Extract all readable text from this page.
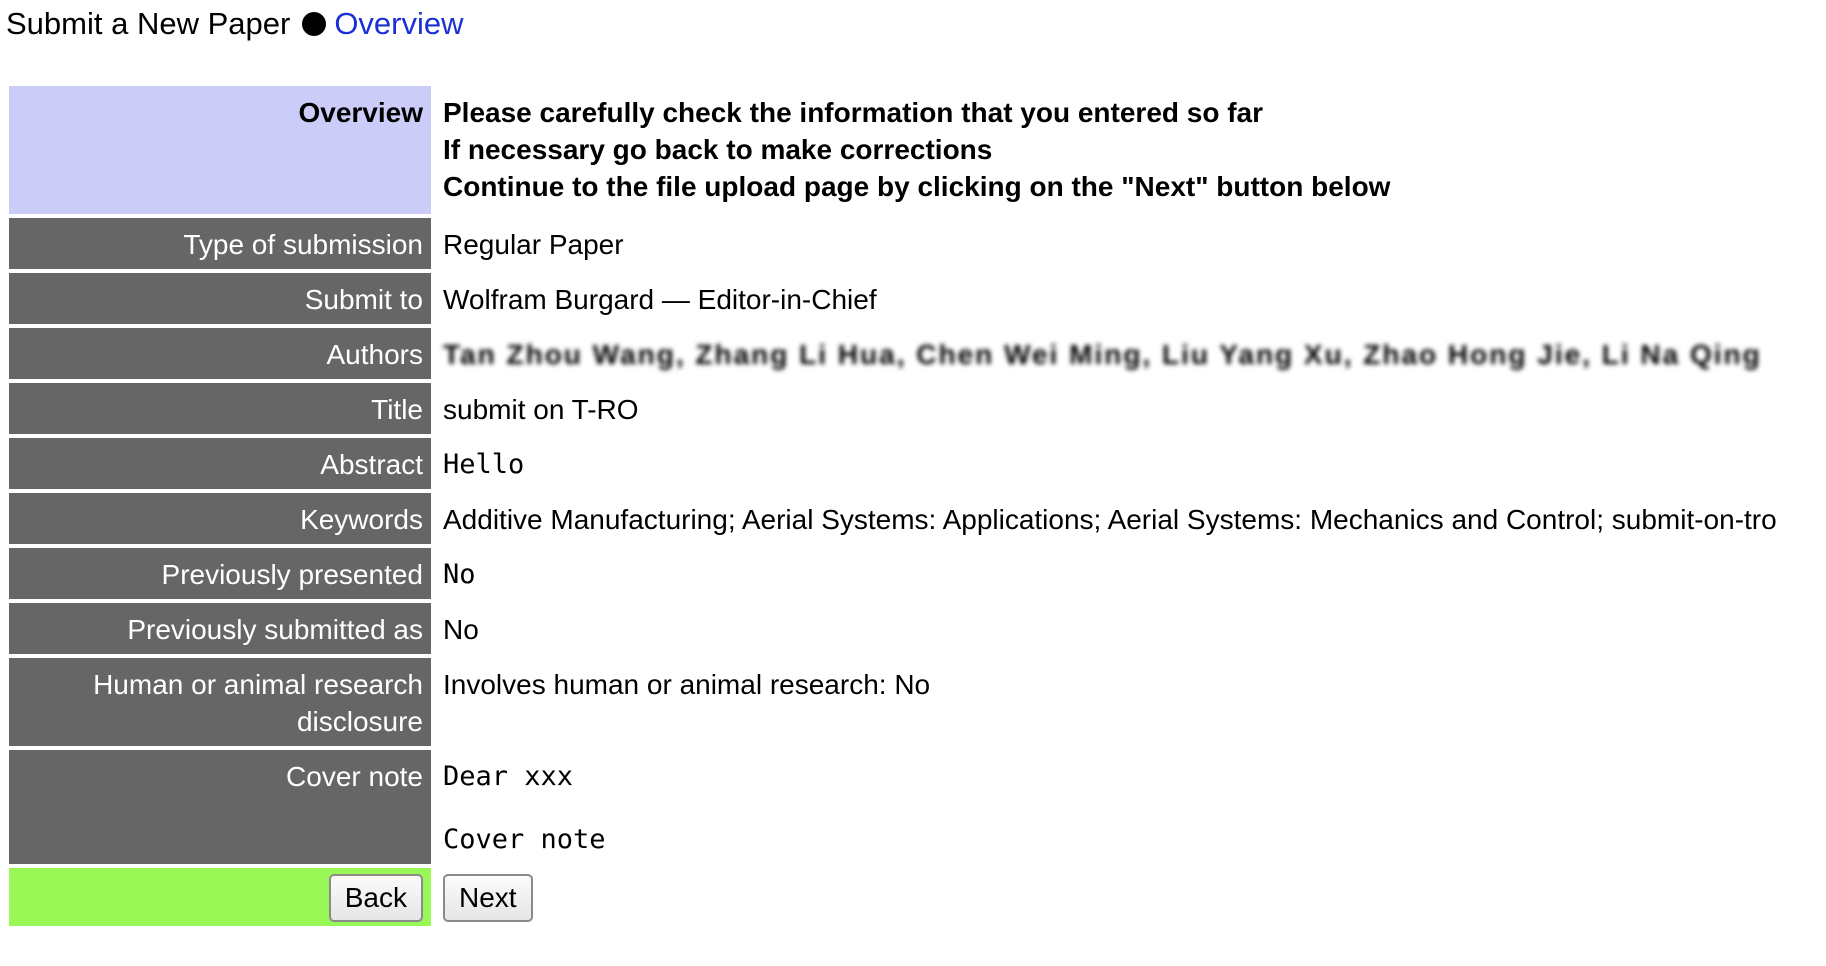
Submit a New Paper Overview
Overview	Please carefully check the information that you entered so far
If necessary go back to make corrections
Continue to the file upload page by clicking on the "Next" button below

Type of submission	Regular Paper
Submit to	Wolfram Burgard — Editor-in-Chief
Authors	Tan Zhou Wang, Zhang Li Hua, Chen Wei Ming, Liu Yang Xu, Zhao Hong Jie, Li Na Qing
Title	submit on T-RO
Abstract	Hello
Keywords	Additive Manufacturing; Aerial Systems: Applications; Aerial Systems: Mechanics and Control; submit-on-tro
Previously presented	No
Previously submitted as	No

Human or animal research
disclosure	Involves human or animal research: No
Cover note	Dear xxx
Cover note

Back	Next
